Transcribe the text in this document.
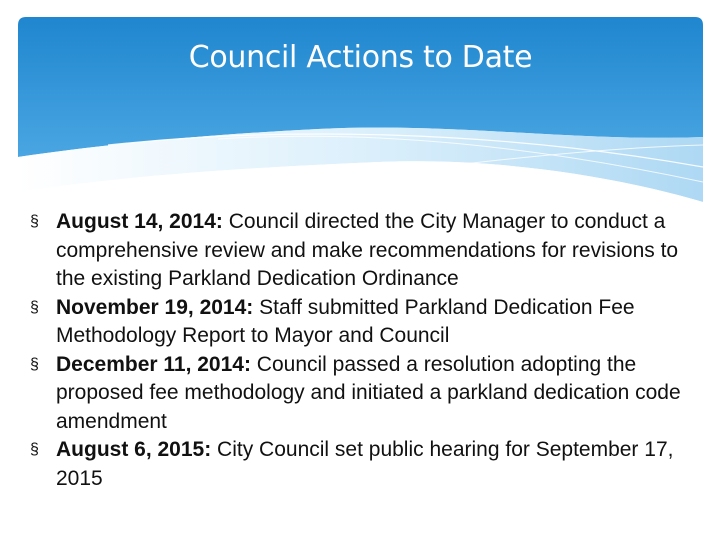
Council Actions to Date
§ August 14, 2014: Council directed the City Manager to conduct a comprehensive review and make recommendations for revisions to the existing Parkland Dedication Ordinance
§ November 19, 2014: Staff submitted Parkland Dedication Fee Methodology Report to Mayor and Council
§ December 11, 2014: Council passed a resolution adopting the proposed fee methodology and initiated a parkland dedication code amendment
§ August 6, 2015: City Council set public hearing for September 17, 2015
